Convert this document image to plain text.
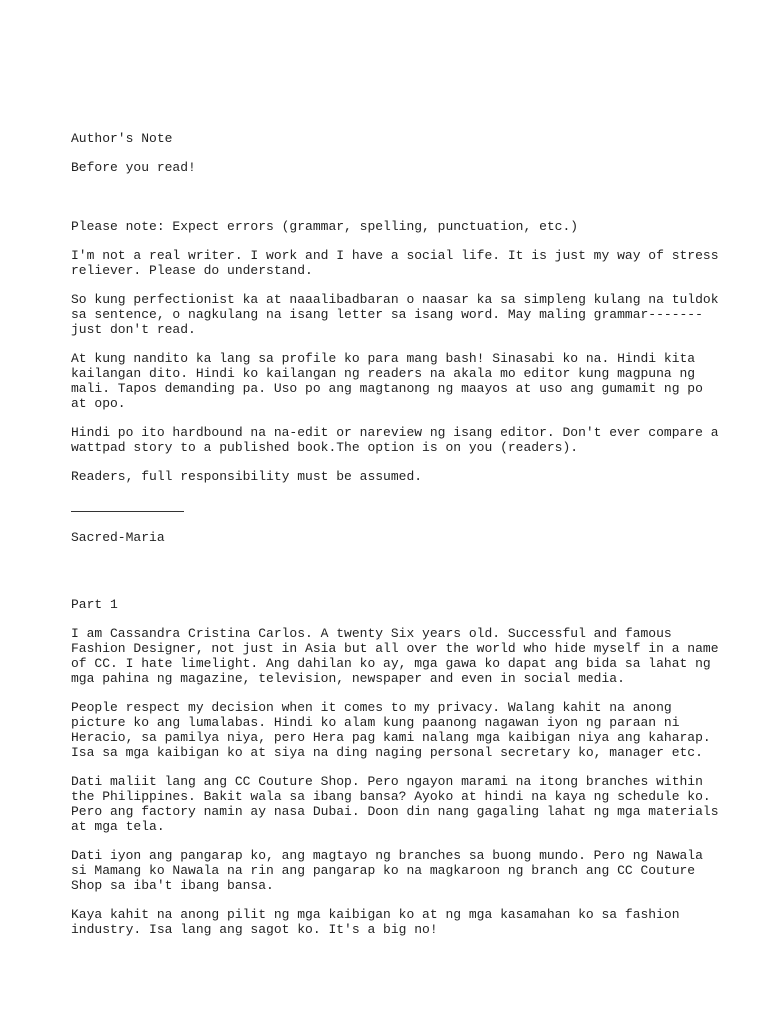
Author's Note

Before you read!

Please note: Expect errors (grammar, spelling, punctuation, etc.)

I'm not a real writer. I work and I have a social life. It is just my way of stress
reliever. Please do understand.

So kung perfectionist ka at naaalibadbaran o naasar ka sa simpleng kulang na tuldok
sa sentence, o nagkulang na isang letter sa isang word. May maling grammar-------
just don't read.

At kung nandito ka lang sa profile ko para mang bash! Sinasabi ko na. Hindi kita
kailangan dito. Hindi ko kailangan ng readers na akala mo editor kung magpuna ng
mali. Tapos demanding pa. Uso po ang magtanong ng maayos at uso ang gumamit ng po
at opo.

Hindi po ito hardbound na na-edit or nareview ng isang editor. Don't ever compare a
wattpad story to a published book.The option is on you (readers).

Readers, full responsibility must be assumed.

Sacred-Maria

Part 1

I am Cassandra Cristina Carlos. A twenty Six years old. Successful and famous
Fashion Designer, not just in Asia but all over the world who hide myself in a name
of CC. I hate limelight. Ang dahilan ko ay, mga gawa ko dapat ang bida sa lahat ng
mga pahina ng magazine, television, newspaper and even in social media.

People respect my decision when it comes to my privacy. Walang kahit na anong
picture ko ang lumalabas. Hindi ko alam kung paanong nagawan iyon ng paraan ni
Heracio, sa pamilya niya, pero Hera pag kami nalang mga kaibigan niya ang kaharap.
Isa sa mga kaibigan ko at siya na ding naging personal secretary ko, manager etc.

Dati maliit lang ang CC Couture Shop. Pero ngayon marami na itong branches within
the Philippines. Bakit wala sa ibang bansa? Ayoko at hindi na kaya ng schedule ko.
Pero ang factory namin ay nasa Dubai. Doon din nang gagaling lahat ng mga materials
at mga tela.

Dati iyon ang pangarap ko, ang magtayo ng branches sa buong mundo. Pero ng Nawala
si Mamang ko Nawala na rin ang pangarap ko na magkaroon ng branch ang CC Couture
Shop sa iba't ibang bansa.

Kaya kahit na anong pilit ng mga kaibigan ko at ng mga kasamahan ko sa fashion
industry. Isa lang ang sagot ko. It's a big no!
